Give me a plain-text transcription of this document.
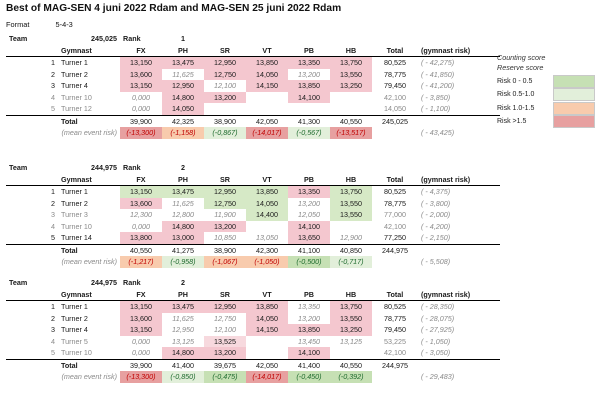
Best of MAG-SEN 4 juni 2022 Rdam and MAG-SEN 25 juni 2022 Rdam
Format	5-4-3
Team	245,025	Rank	1						
	Gymnast	FX	PH	SR	VT	PB	HB	Total	(gymnast risk)
1	Turner 1	13,150	13,475	12,950	13,850	13,350	13,750	80,525	( - 42,275)
2	Turner 2	13,600	11,625	12,750	14,050	13,200	13,550	78,775	( - 41,850)
3	Turner 4	13,150	12,950	12,100	14,150	13,850	13,250	79,450	( - 41,200)
4	Turner 10	0,000	14,800	13,200		14,100		42,100	( - 3,850)
5	Turner 12	0,000	14,050					14,050	( - 1,100)
	Total	39,900	42,325	38,900	42,050	41,300	40,550	245,025	
	(mean event risk)	(-13,300)	(-1,158)	(-0,867)	(-14,017)	(-0,567)	(-13,517)		( - 43,425)
Team	244,975	Rank	2						
	Gymnast	FX	PH	SR	VT	PB	HB	Total	(gymnast risk)
1	Turner 1	13,150	13,475	12,950	13,850	13,350	13,750	80,525	( - 4,375)
2	Turner 2	13,600	11,625	12,750	14,050	13,200	13,550	78,775	( - 3,800)
3	Turner 3	12,300	12,800	11,900	14,400	12,050	13,550	77,000	( - 2,000)
4	Turner 10	0,000	14,800	13,200		14,100		42,100	( - 4,200)
5	Turner 14	13,800	13,000	10,850	13,050	13,650	12,900	77,250	( - 2,150)
	Total	40,550	41,275	38,900	42,300	41,100	40,850	244,975	
	(mean event risk)	(-1,217)	(-0,958)	(-1,067)	(-1,050)	(-0,500)	(-0,717)		( - 5,508)
Team	244,975	Rank	2						
	Gymnast	FX	PH	SR	VT	PB	HB	Total	(gymnast risk)
1	Turner 1	13,150	13,475	12,950	13,850	13,350	13,750	80,525	( - 28,350)
2	Turner 2	13,600	11,625	12,750	14,050	13,200	13,550	78,775	( - 28,075)
3	Turner 4	13,150	12,950	12,100	14,150	13,850	13,250	79,450	( - 27,925)
4	Turner 5	0,000	13,125	13,525		13,450	13,125	53,225	( - 1,050)
5	Turner 10	0,000	14,800	13,200		14,100		42,100	( - 3,050)
	Total	39,900	41,400	39,675	42,050	41,400	40,550	244,975	
	(mean event risk)	(-13,300)	(-0,850)	(-0,475)	(-14,017)	(-0,450)	(-0,392)		( - 29,483)
Counting score
Reserve score
Risk 0 - 0.5
Risk 0.5-1.0
Risk 1.0-1.5
Risk >1.5
